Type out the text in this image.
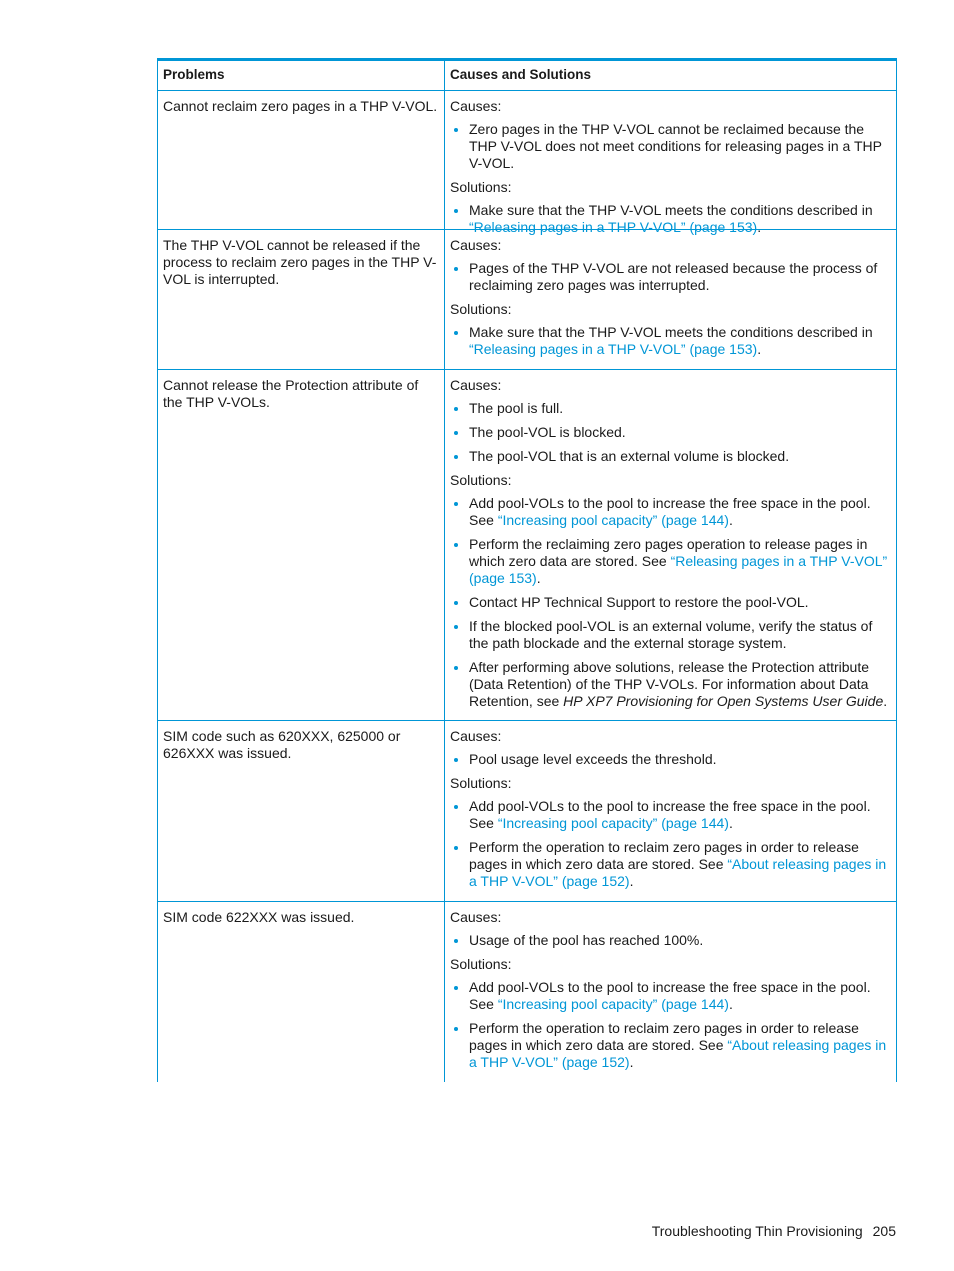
Problems	Causes and Solutions
Cannot reclaim zero pages in a THP V-VOL. Causes:
Zero pages in the THP V-VOL cannot be reclaimed because the THP V-VOL does not meet conditions for releasing pages in a THP V-VOL.
Solutions:
Make sure that the THP V-VOL meets the conditions described in “Releasing pages in a THP V-VOL” (page 153).
The THP V-VOL cannot be released if the process to reclaim zero pages in the THP V-VOL is interrupted.
Causes:
Pages of the THP V-VOL are not released because the process of reclaiming zero pages was interrupted.
Solutions:
Make sure that the THP V-VOL meets the conditions described in “Releasing pages in a THP V-VOL” (page 153).
Cannot release the Protection attribute of the THP V-VOLs.
Causes:
The pool is full.
The pool-VOL is blocked.
The pool-VOL that is an external volume is blocked.
Solutions:
Add pool-VOLs to the pool to increase the free space in the pool. See “Increasing pool capacity” (page 144).
Perform the reclaiming zero pages operation to release pages in which zero data are stored. See “Releasing pages in a THP V-VOL” (page 153).
Contact HP Technical Support to restore the pool-VOL.
If the blocked pool-VOL is an external volume, verify the status of the path blockade and the external storage system.
After performing above solutions, release the Protection attribute (Data Retention) of the THP V-VOLs. For information about Data Retention, see HP XP7 Provisioning for Open Systems User Guide.
SIM code such as 620XXX, 625000 or 626XXX was issued.
Causes:
Pool usage level exceeds the threshold.
Solutions:
Add pool-VOLs to the pool to increase the free space in the pool. See “Increasing pool capacity” (page 144).
Perform the operation to reclaim zero pages in order to release pages in which zero data are stored. See “About releasing pages in a THP V-VOL” (page 152).
SIM code 622XXX was issued.	Causes:
Usage of the pool has reached 100%.
Solutions:
Add pool-VOLs to the pool to increase the free space in the pool. See “Increasing pool capacity” (page 144).
Perform the operation to reclaim zero pages in order to release pages in which zero data are stored. See “About releasing pages in a THP V-VOL” (page 152).
Troubleshooting Thin Provisioning 205
